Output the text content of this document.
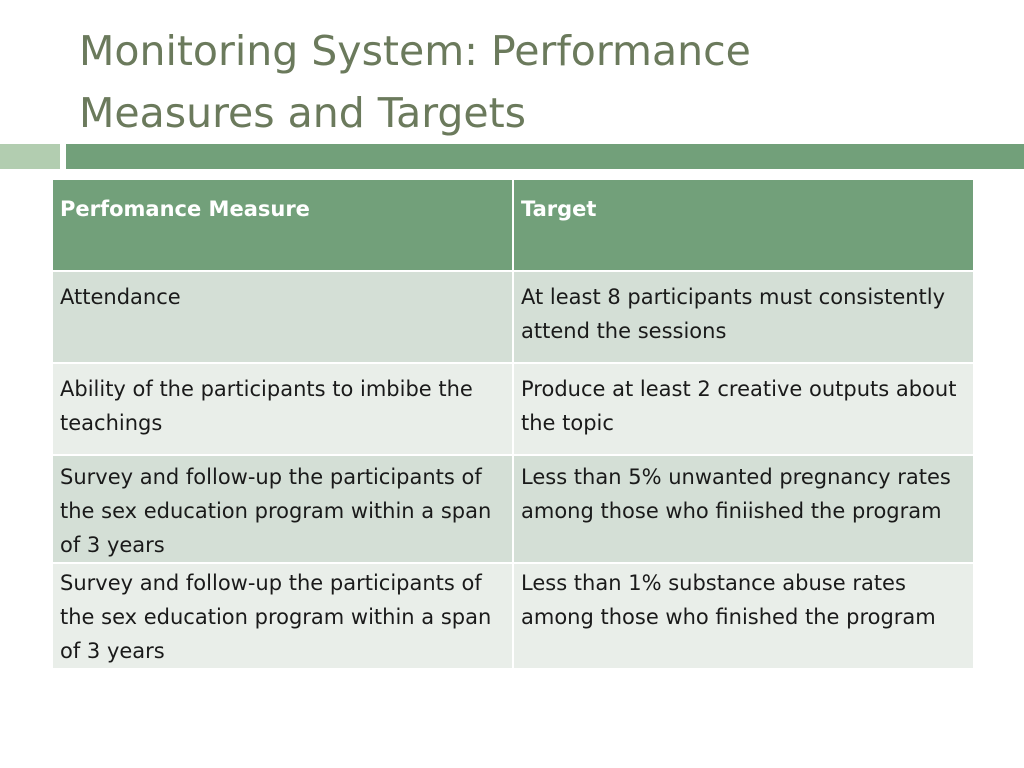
Monitoring System: Performance
Measures and Targets
Perfomance Measure	Target
Attendance	At least 8 participants must consistently attend the sessions
Ability of the participants to imbibe the teachings	Produce at least 2 creative outputs about the topic
Survey and follow-up the participants of the sex education program within a span of 3 years	Less than 5% unwanted pregnancy rates among those who finiished the program
Survey and follow-up the participants of the sex education program within a span of 3 years	Less than 1% substance abuse rates among those who finished the program
